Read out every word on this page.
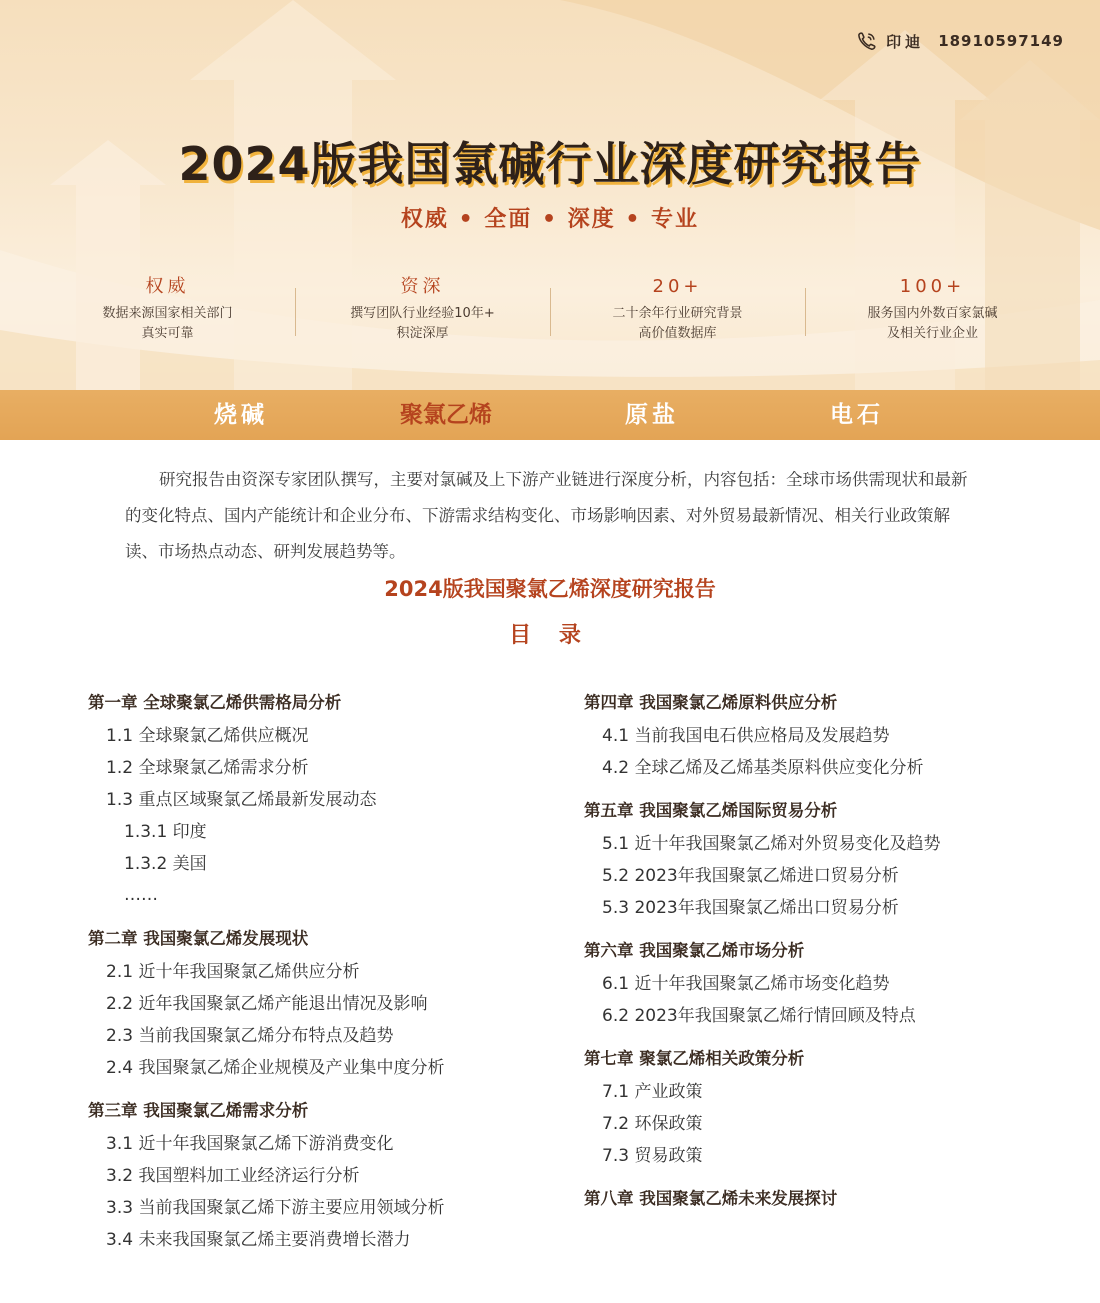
印迪 18910597149
2024版我国氯碱行业深度研究报告
权威 • 全面 • 深度 • 专业
权威
数据来源国家相关部门
真实可靠
资深
撰写团队行业经验10年+
积淀深厚
20+
二十余年行业研究背景
高价值数据库
100+
服务国内外数百家氯碱
及相关行业企业
烧碱	聚氯乙烯	原盐	电石

研究报告由资深专家团队撰写，主要对氯碱及上下游产业链进行深度分析，内容包括：全球市场供需现状和最新的变化特点、国内产能统计和企业分布、下游需求结构变化、市场影响因素、对外贸易最新情况、相关行业政策解读、市场热点动态、研判发展趋势等。

2024版我国聚氯乙烯深度研究报告
目 录
第一章 全球聚氯乙烯供需格局分析
1.1 全球聚氯乙烯供应概况
1.2 全球聚氯乙烯需求分析
1.3 重点区域聚氯乙烯最新发展动态
1.3.1 印度
1.3.2 美国
……
第二章 我国聚氯乙烯发展现状
2.1 近十年我国聚氯乙烯供应分析
2.2 近年我国聚氯乙烯产能退出情况及影响
2.3 当前我国聚氯乙烯分布特点及趋势
2.4 我国聚氯乙烯企业规模及产业集中度分析
第三章 我国聚氯乙烯需求分析
3.1 近十年我国聚氯乙烯下游消费变化
3.2 我国塑料加工业经济运行分析
3.3 当前我国聚氯乙烯下游主要应用领域分析
3.4 未来我国聚氯乙烯主要消费增长潜力
第四章 我国聚氯乙烯原料供应分析
4.1 当前我国电石供应格局及发展趋势
4.2 全球乙烯及乙烯基类原料供应变化分析
第五章 我国聚氯乙烯国际贸易分析
5.1 近十年我国聚氯乙烯对外贸易变化及趋势
5.2 2023年我国聚氯乙烯进口贸易分析
5.3 2023年我国聚氯乙烯出口贸易分析
第六章 我国聚氯乙烯市场分析
6.1 近十年我国聚氯乙烯市场变化趋势
6.2 2023年我国聚氯乙烯行情回顾及特点
第七章 聚氯乙烯相关政策分析
7.1 产业政策
7.2 环保政策
7.3 贸易政策
第八章 我国聚氯乙烯未来发展探讨
